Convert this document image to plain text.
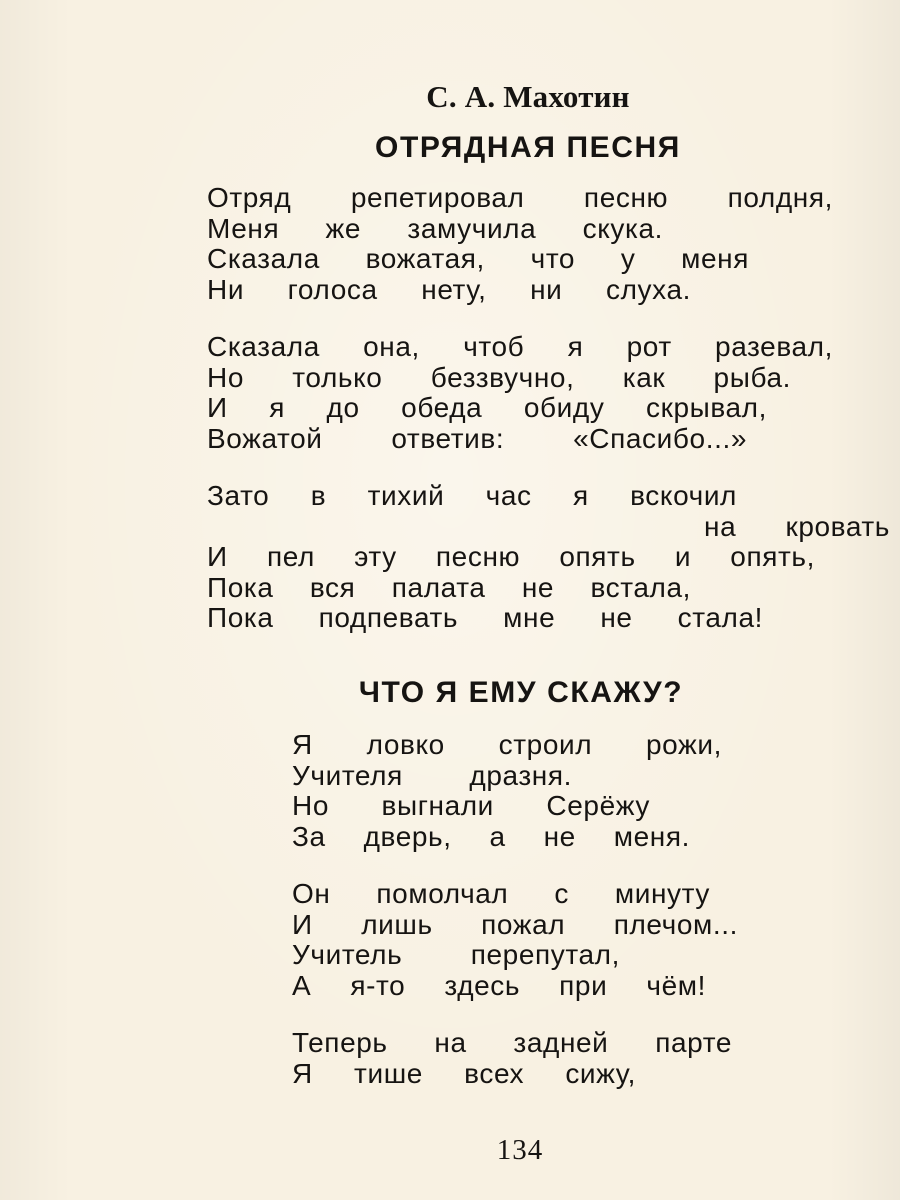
С. А. Махотин
ОТРЯДНАЯ ПЕСНЯ
Отряд репетировал песню полдня,
Меня же замучила скука.
Сказала вожатая, что у меня
Ни голоса нету, ни слуха.
Сказала она, чтоб я рот разевал,
Но только беззвучно, как рыба.
И я до обеда обиду скрывал,
Вожатой ответив: «Спасибо...»
Зато в тихий час я вскочил
на кровать
И пел эту песню опять и опять,
Пока вся палата не встала,
Пока подпевать мне не стала!
ЧТО Я ЕМУ СКАЖУ?
Я ловко строил рожи,
Учителя дразня.
Но выгнали Серёжу
За дверь, а не меня.
Он помолчал с минуту
И лишь пожал плечом...
Учитель перепутал,
А я-то здесь при чём!
Теперь на задней парте
Я тише всех сижу,
134
